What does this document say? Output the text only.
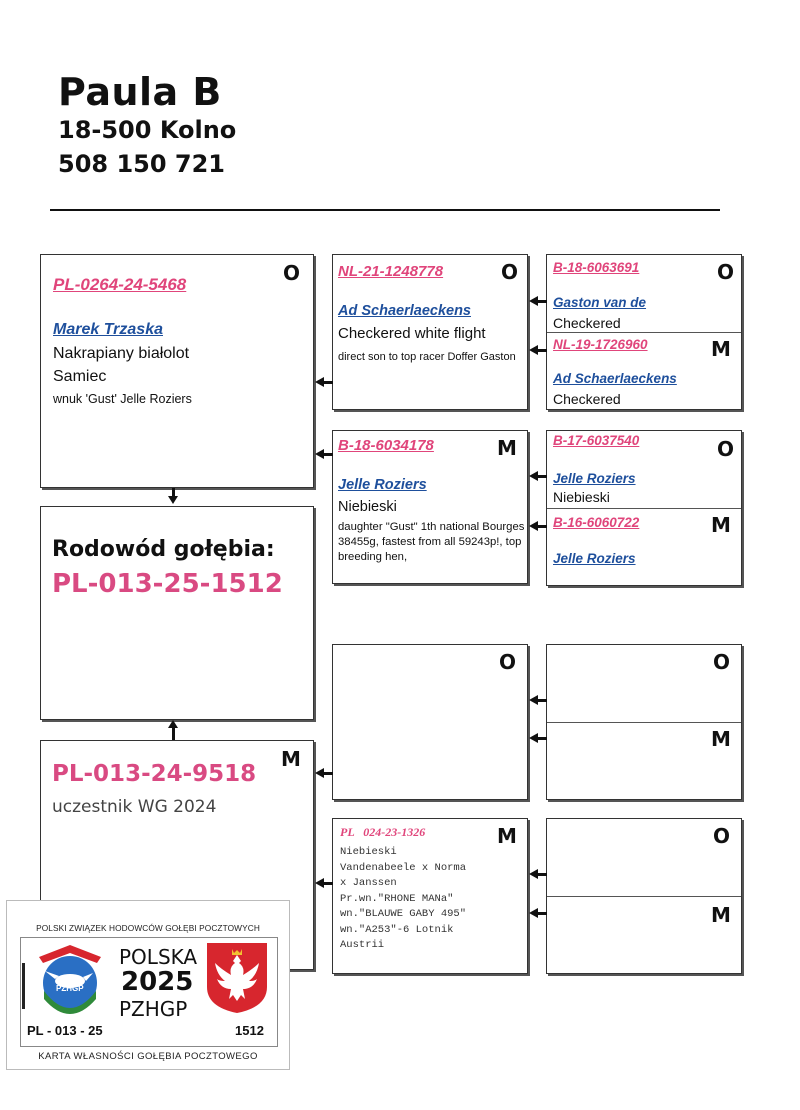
Paula B
18-500 Kolno
508 150 721
O
PL-0264-24-5468
Marek Trzaska
Nakrapiany białolot
Samiec
wnuk 'Gust' Jelle Roziers
Rodowód gołębia:
PL-013-25-1512
M
PL-013-24-9518
uczestnik WG 2024
NL-21-1248778	O
Ad Schaerlaeckens
Checkered white flight
direct son to top racer Doffer Gaston
B-18-6034178	M
Jelle Roziers
Niebieski
daughter "Gust" 1th national Bourges 38455g, fastest from all 59243p!, top breeding hen,
O
PL   024-23-1326	M
Niebieski
Vandenabeele x Norma
x Janssen
Pr.wn."RHONE MANa"
wn."BLAUWE GABY 495"
wn."A253"-6 Lotnik
Austrii
B-18-6063691	O
Gaston van de
Checkered
NL-19-1726960	M
Ad Schaerlaeckens
Checkered
B-17-6037540	O
Jelle Roziers
Niebieski
B-16-6060722	M
Jelle Roziers
O
M
O
M
POLSKI ZWIĄZEK HODOWCÓW GOŁĘBI POCZTOWYCH
PZHGP
POLSKA
2025
PZHGP
PL - 013 - 25	1512
KARTA WŁASNOŚCI GOŁĘBIA POCZTOWEGO
